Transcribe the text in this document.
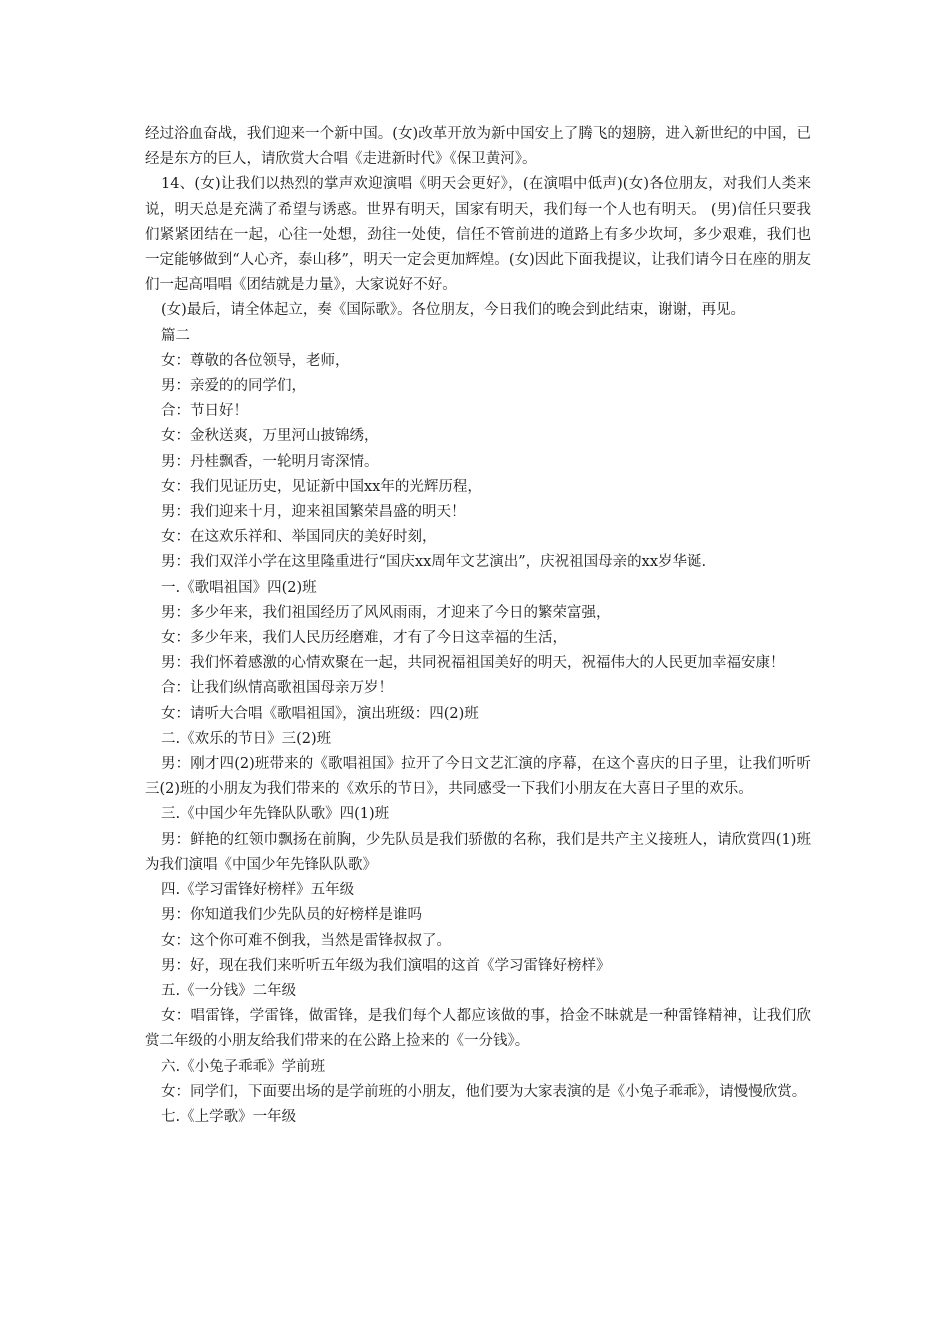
经过浴血奋战，我们迎来一个新中国。(女)改革开放为新中国安上了腾飞的翅膀，进入新世纪的中国，已经是东方的巨人，请欣赏大合唱《走进新时代》《保卫黄河》。

14、(女)让我们以热烈的掌声欢迎演唱《明天会更好》，(在演唱中低声)(女)各位朋友，对我们人类来说，明天总是充满了希望与诱惑。世界有明天，国家有明天，我们每一个人也有明天。 (男)信任只要我们紧紧团结在一起，心往一处想，劲往一处使，信任不管前进的道路上有多少坎坷，多少艰难，我们也一定能够做到“人心齐，泰山移”，明天一定会更加辉煌。(女)因此下面我提议，让我们请今日在座的朋友们一起高唱唱《团结就是力量》，大家说好不好。

(女)最后，请全体起立，奏《国际歌》。各位朋友，今日我们的晚会到此结束，谢谢，再见。

篇二

女：尊敬的各位领导，老师，

男：亲爱的的同学们，

合：节日好！

女：金秋送爽，万里河山披锦绣，

男：丹桂飘香，一轮明月寄深情。

女：我们见证历史，见证新中国xx年的光辉历程，

男：我们迎来十月，迎来祖国繁荣昌盛的明天！

女：在这欢乐祥和、举国同庆的美好时刻，

男：我们双洋小学在这里隆重进行“国庆xx周年文艺演出”，庆祝祖国母亲的xx岁华诞.

一.《歌唱祖国》四(2)班

男：多少年来，我们祖国经历了风风雨雨，才迎来了今日的繁荣富强，

女：多少年来，我们人民历经磨难，才有了今日这幸福的生活，

男：我们怀着感激的心情欢聚在一起，共同祝福祖国美好的明天，祝福伟大的人民更加幸福安康！

合：让我们纵情高歌祖国母亲万岁！

女：请听大合唱《歌唱祖国》，演出班级：四(2)班

二.《欢乐的节日》三(2)班

男：刚才四(2)班带来的《歌唱祖国》拉开了今日文艺汇演的序幕，在这个喜庆的日子里，让我们听听三(2)班的小朋友为我们带来的《欢乐的节日》，共同感受一下我们小朋友在大喜日子里的欢乐。

三.《中国少年先锋队队歌》四(1)班

男：鲜艳的红领巾飘扬在前胸，少先队员是我们骄傲的名称，我们是共产主义接班人，请欣赏四(1)班为我们演唱《中国少年先锋队队歌》

四.《学习雷锋好榜样》五年级

男：你知道我们少先队员的好榜样是谁吗

女：这个你可难不倒我，当然是雷锋叔叔了。

男：好，现在我们来听听五年级为我们演唱的这首《学习雷锋好榜样》

五.《一分钱》二年级

女：唱雷锋，学雷锋，做雷锋，是我们每个人都应该做的事，拾金不昧就是一种雷锋精神，让我们欣赏二年级的小朋友给我们带来的在公路上捡来的《一分钱》。

六.《小兔子乖乖》学前班

女：同学们，下面要出场的是学前班的小朋友，他们要为大家表演的是《小兔子乖乖》，请慢慢欣赏。

七.《上学歌》一年级
